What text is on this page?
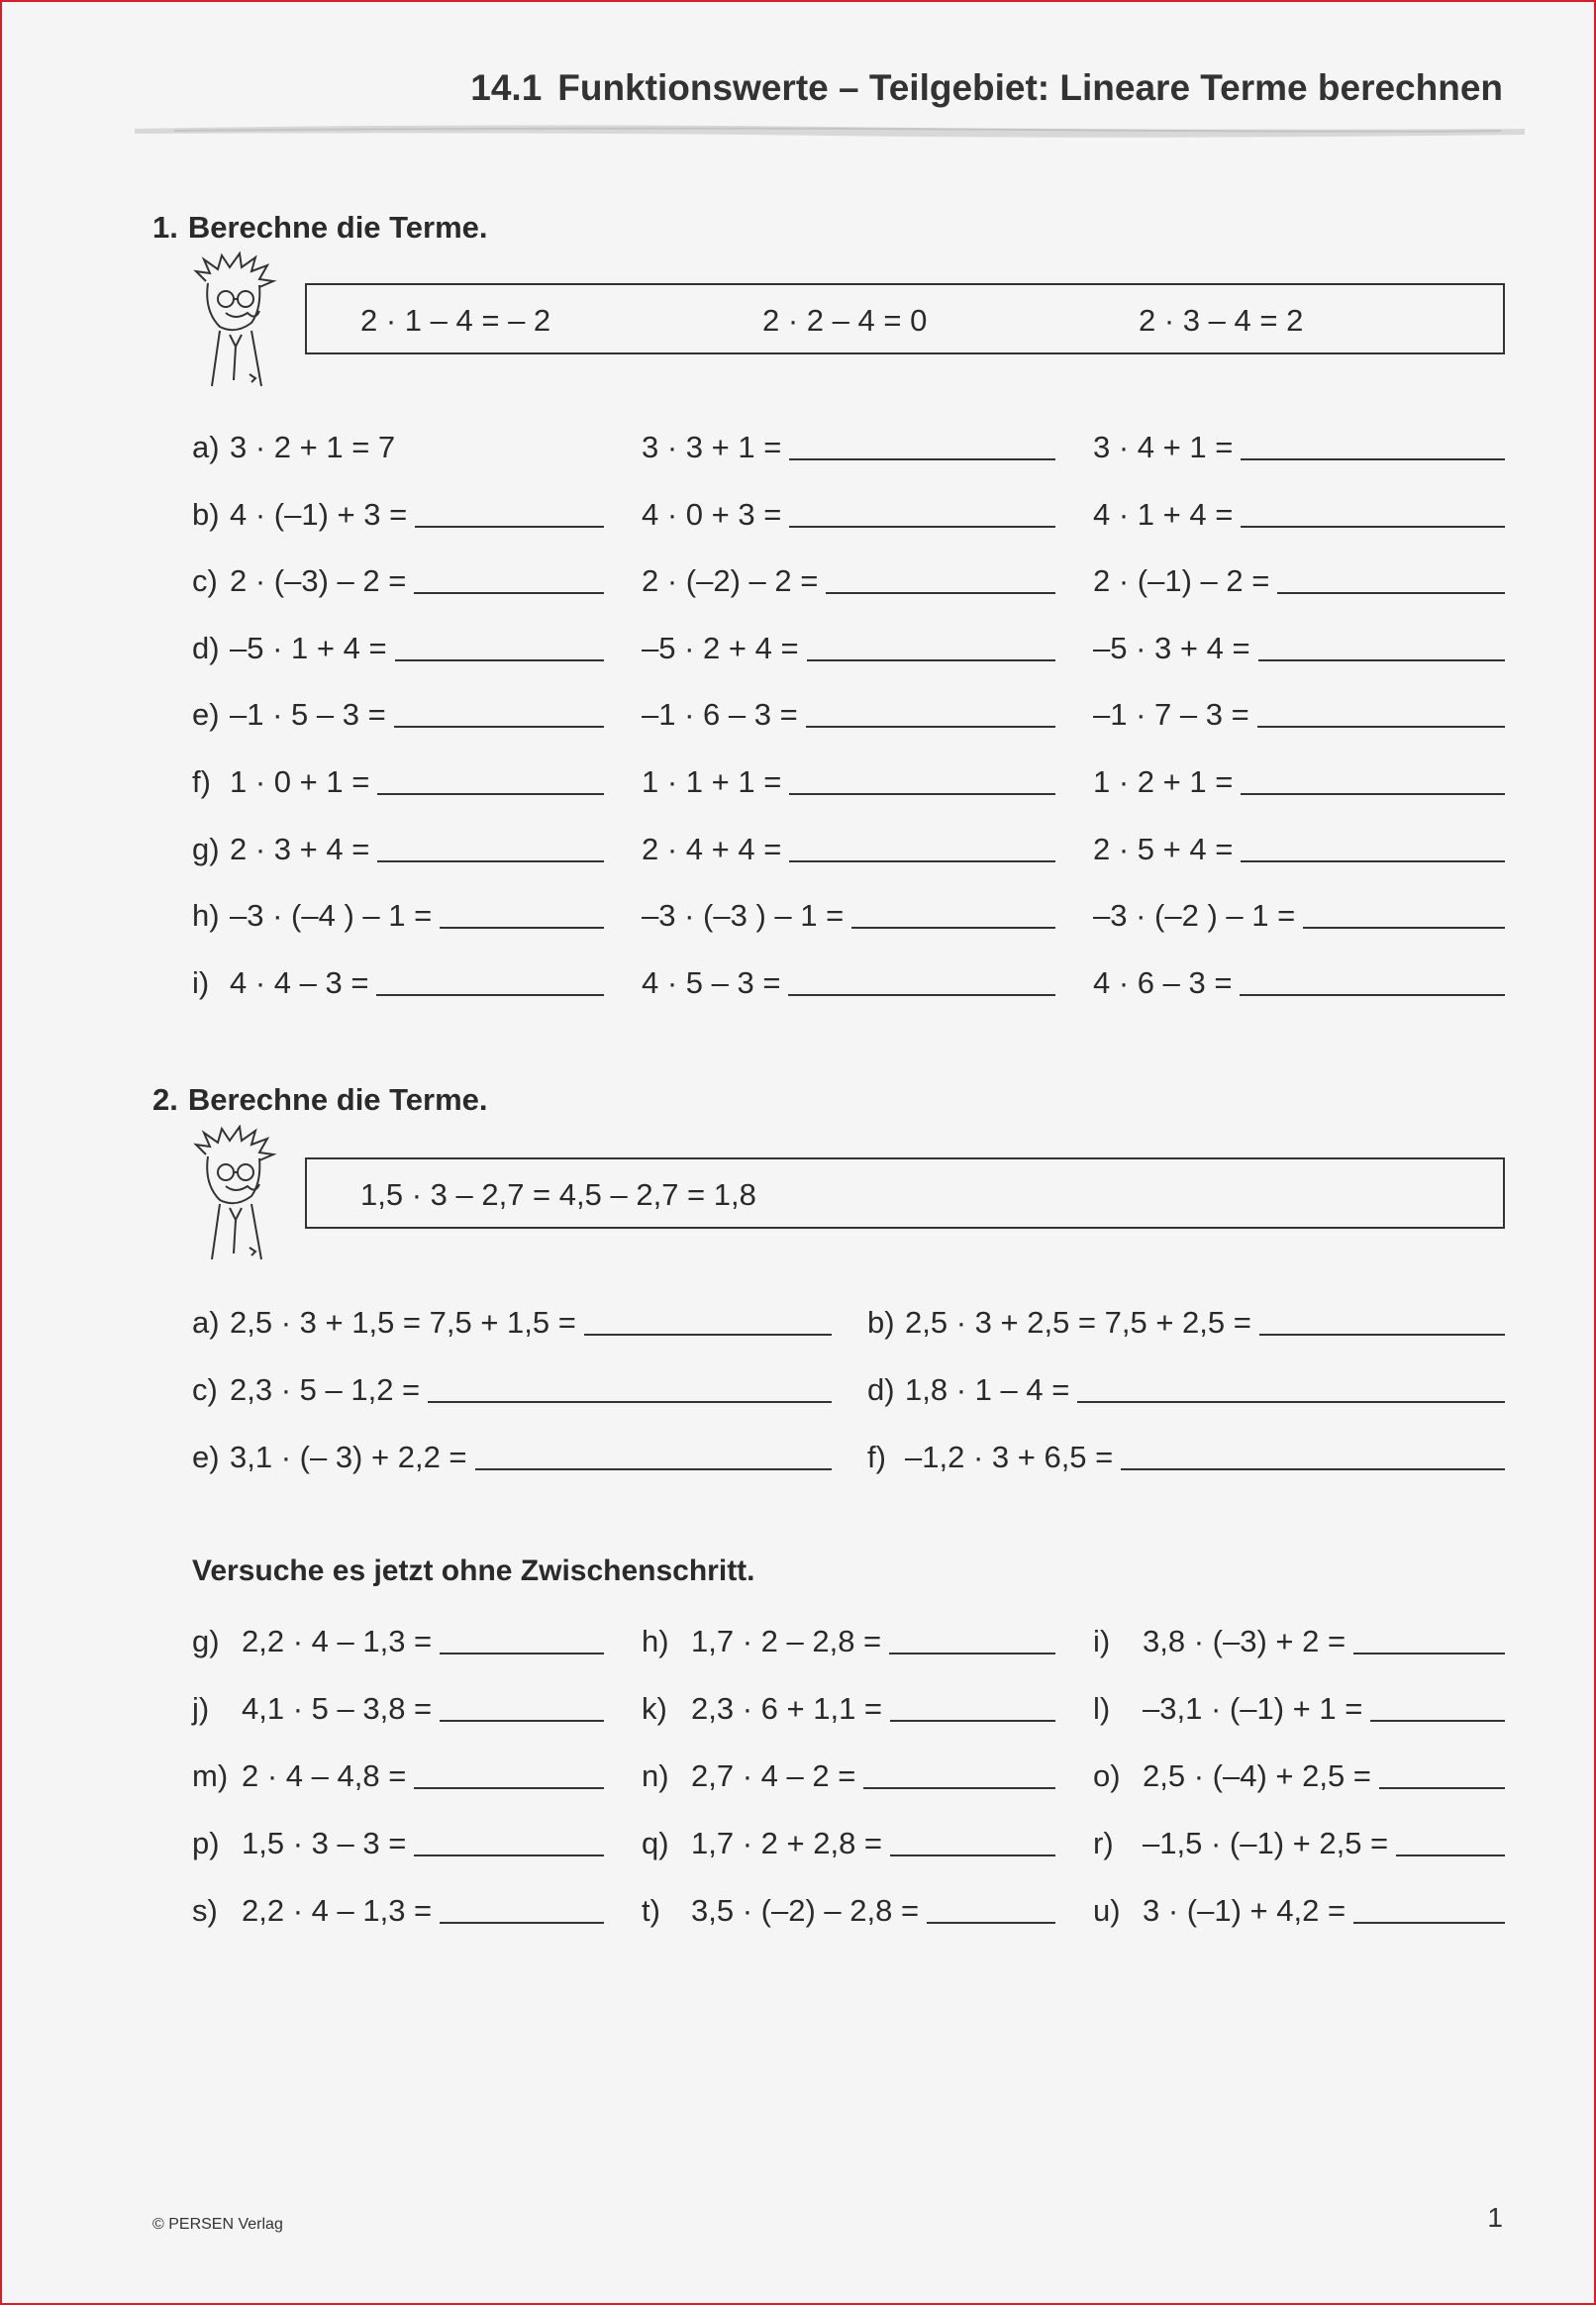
14.1 Funktionswerte – Teilgebiet: Lineare Terme berechnen
1. Berechne die Terme.
2 · 1 – 4 = – 2	2 · 2 – 4 = 0	2 · 3 – 4 = 2
a) 3 · 2 + 1 = 7	3 · 3 + 1 =	3 · 4 + 1 =
b) 4 · (–1) + 3 =	4 · 0 + 3 =	4 · 1 + 4 =
c) 2 · (–3) – 2 =	2 · (–2) – 2 =	2 · (–1) – 2 =
d) –5 · 1 + 4 =	–5 · 2 + 4 =	–5 · 3 + 4 =
e) –1 · 5 – 3 =	–1 · 6 – 3 =	–1 · 7 – 3 =
f) 1 · 0 + 1 =	1 · 1 + 1 =	1 · 2 + 1 =
g) 2 · 3 + 4 =	2 · 4 + 4 =	2 · 5 + 4 =
h) –3 · (–4 ) – 1 =	–3 · (–3 ) – 1 =	–3 · (–2 ) – 1 =
i) 4 · 4 – 3 =	4 · 5 – 3 =	4 · 6 – 3 =
2. Berechne die Terme.
1,5 · 3 – 2,7 = 4,5 – 2,7 = 1,8
a) 2,5 · 3 + 1,5 = 7,5 + 1,5 =	b) 2,5 · 3 + 2,5 = 7,5 + 2,5 =
c) 2,3 · 5 – 1,2 =	d) 1,8 · 1 – 4 =
e) 3,1 · (– 3) + 2,2 =	f) –1,2 · 3 + 6,5 =
Versuche es jetzt ohne Zwischenschritt.
g) 2,2 · 4 – 1,3 =	h) 1,7 · 2 – 2,8 =	i)	3,8 · (–3) + 2 =
j)	4,1 · 5 – 3,8 =	k) 2,3 · 6 + 1,1 =	l)	–3,1 · (–1) + 1 =
m) 2 · 4 – 4,8 =	n) 2,7 · 4 – 2 =	o) 2,5 · (–4) + 2,5 =
p) 1,5 · 3 – 3 =	q) 1,7 · 2 + 2,8 =	r) –1,5 · (–1) + 2,5 =
s) 2,2 · 4 – 1,3 =	t)	3,5 · (–2) – 2,8 =	u) 3 · (–1) + 4,2 =
© PERSEN Verlag	1
